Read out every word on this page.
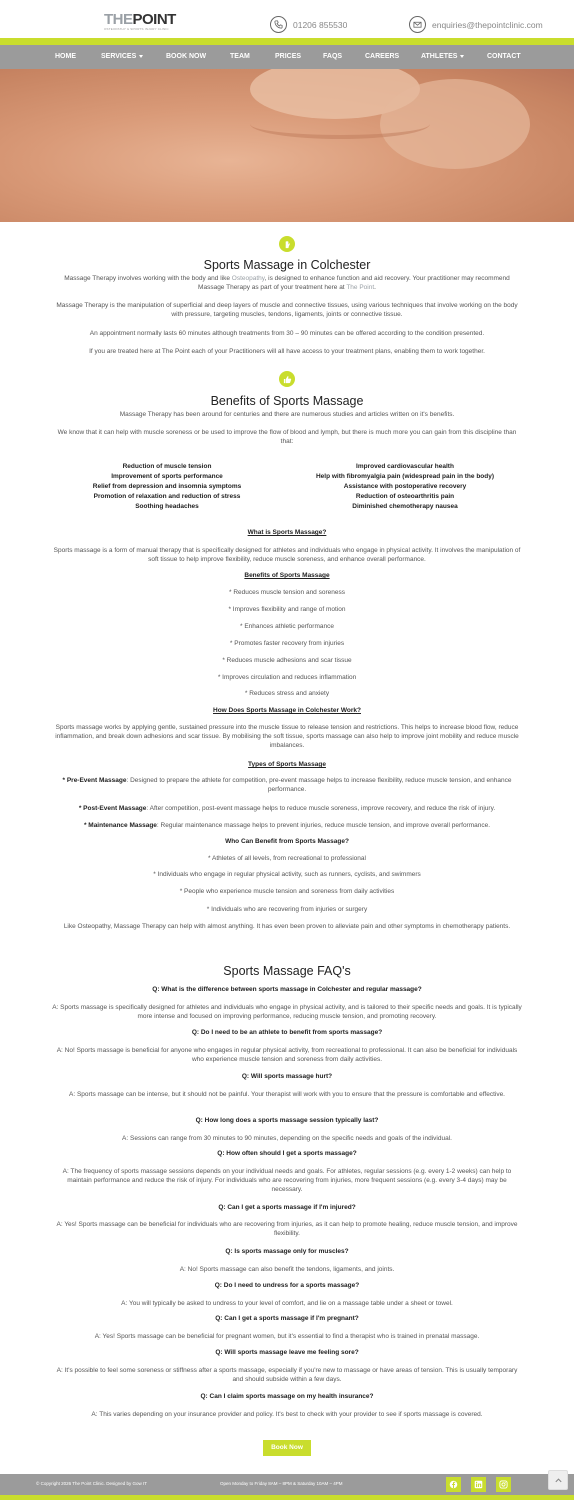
THEPOINT
OSTEOPATHY & SPORTS INJURY CLINIC	01206 855530	enquiries@thepointclinic.com
HOME	SERVICES	BOOK NOW	TEAM	PRICES	FAQS	CAREERS	ATHLETES	CONTACT
Sports Massage in Colchester
Massage Therapy involves working with the body and like Osteopathy, is designed to enhance function and aid recovery. Your practitioner may recommend Massage Therapy as part of your treatment here at The Point.
Massage Therapy is the manipulation of superficial and deep layers of muscle and connective tissues, using various techniques that involve working on the body with pressure, targeting muscles, tendons, ligaments, joints or connective tissue.
An appointment normally lasts 60 minutes although treatments from 30 – 90 minutes can be offered according to the condition presented.
If you are treated here at The Point each of your Practitioners will all have access to your treatment plans, enabling them to work together.
Benefits of Sports Massage
Massage Therapy has been around for centuries and there are numerous studies and articles written on it's benefits.
We know that it can help with muscle soreness or be used to improve the flow of blood and lymph, but there is much more you can gain from this discipline than that:
Reduction of muscle tension
Improvement of sports performance
Relief from depression and insomnia symptoms
Promotion of relaxation and reduction of stress
Soothing headaches
Improved cardiovascular health
Help with fibromyalgia pain (widespread pain in the body)
Assistance with postoperative recovery
Reduction of osteoarthritis pain
Diminished chemotherapy nausea
What is Sports Massage?
Sports massage is a form of manual therapy that is specifically designed for athletes and individuals who engage in physical activity. It involves the manipulation of soft tissue to help improve flexibility, reduce muscle soreness, and enhance overall performance.
Benefits of Sports Massage
* Reduces muscle tension and soreness
* Improves flexibility and range of motion
* Enhances athletic performance
* Promotes faster recovery from injuries
* Reduces muscle adhesions and scar tissue
* Improves circulation and reduces inflammation
* Reduces stress and anxiety
How Does Sports Massage in Colchester Work?
Sports massage works by applying gentle, sustained pressure into the muscle tissue to release tension and restrictions. This helps to increase blood flow, reduce inflammation, and break down adhesions and scar tissue. By mobilising the soft tissue, sports massage can also help to improve joint mobility and reduce muscle imbalances.
Types of Sports Massage
* Pre-Event Massage: Designed to prepare the athlete for competition, pre-event massage helps to increase flexibility, reduce muscle tension, and enhance performance.
* Post-Event Massage: After competition, post-event massage helps to reduce muscle soreness, improve recovery, and reduce the risk of injury.
* Maintenance Massage: Regular maintenance massage helps to prevent injuries, reduce muscle tension, and improve overall performance.
Who Can Benefit from Sports Massage?
* Athletes of all levels, from recreational to professional
* Individuals who engage in regular physical activity, such as runners, cyclists, and swimmers
* People who experience muscle tension and soreness from daily activities
* Individuals who are recovering from injuries or surgery
Like Osteopathy, Massage Therapy can help with almost anything. It has even been proven to alleviate pain and other symptoms in chemotherapy patients.
Sports Massage FAQ's
Q: What is the difference between sports massage in Colchester and regular massage?
A: Sports massage is specifically designed for athletes and individuals who engage in physical activity, and is tailored to their specific needs and goals. It is typically more intense and focused on improving performance, reducing muscle tension, and promoting recovery.
Q: Do I need to be an athlete to benefit from sports massage?
A: No! Sports massage is beneficial for anyone who engages in regular physical activity, from recreational to professional. It can also be beneficial for individuals who experience muscle tension and soreness from daily activities.
Q: Will sports massage hurt?
A: Sports massage can be intense, but it should not be painful. Your therapist will work with you to ensure that the pressure is comfortable and effective.
Q: How long does a sports massage session typically last?
A: Sessions can range from 30 minutes to 90 minutes, depending on the specific needs and goals of the individual.
Q: How often should I get a sports massage?
A: The frequency of sports massage sessions depends on your individual needs and goals. For athletes, regular sessions (e.g. every 1-2 weeks) can help to maintain performance and reduce the risk of injury. For individuals who are recovering from injuries, more frequent sessions (e.g. every 3-4 days) may be necessary.
Q: Can I get a sports massage if I'm injured?
A: Yes! Sports massage can be beneficial for individuals who are recovering from injuries, as it can help to promote healing, reduce muscle tension, and improve flexibility.
Q: Is sports massage only for muscles?
A: No! Sports massage can also benefit the tendons, ligaments, and joints.
Q: Do I need to undress for a sports massage?
A: You will typically be asked to undress to your level of comfort, and lie on a massage table under a sheet or towel.
Q: Can I get a sports massage if I'm pregnant?
A: Yes! Sports massage can be beneficial for pregnant women, but it's essential to find a therapist who is trained in prenatal massage.
Q: Will sports massage leave me feeling sore?
A: It's possible to feel some soreness or stiffness after a sports massage, especially if you're new to massage or have areas of tension. This is usually temporary and should subside within a few days.
Q: Can I claim sports massage on my health insurance?
A: This varies depending on your insurance provider and policy. It's best to check with your provider to see if sports massage is covered.
Book Now
© Copyright 2026 The Point Clinic. Designed by Gow IT	Open Monday to Friday 8AM – 8PM & Saturday 10AM – 4PM
